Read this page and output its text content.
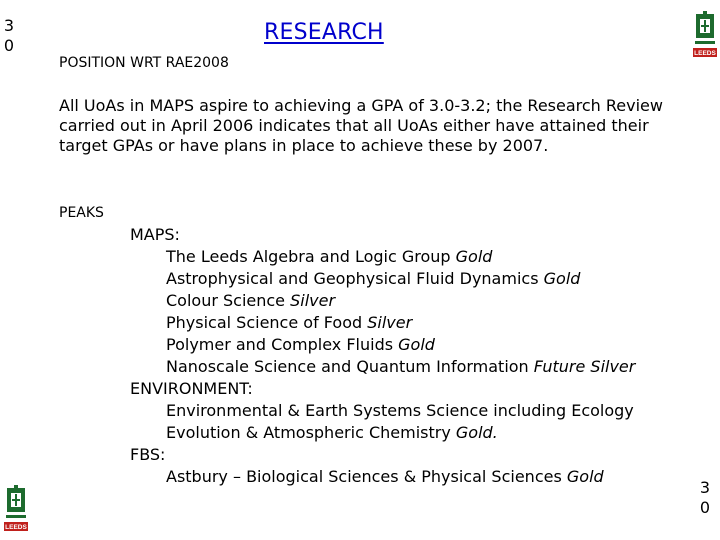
3
0
3
0
LEEDS
LEEDS
RESEARCH
POSITION WRT RAE2008
All UoAs in MAPS aspire to achieving a GPA of 3.0-3.2; the Research Review carried out in April 2006 indicates that all UoAs either have attained their target GPAs or have plans in place to achieve these by 2007.
PEAKS
MAPS:
The Leeds Algebra and Logic Group Gold
Astrophysical and Geophysical Fluid Dynamics Gold
Colour Science Silver
Physical Science of Food Silver
Polymer and Complex Fluids Gold
Nanoscale Science and Quantum Information Future Silver
ENVIRONMENT:
Environmental & Earth Systems Science including Ecology
Evolution & Atmospheric Chemistry Gold.
FBS:
Astbury – Biological Sciences & Physical Sciences Gold
